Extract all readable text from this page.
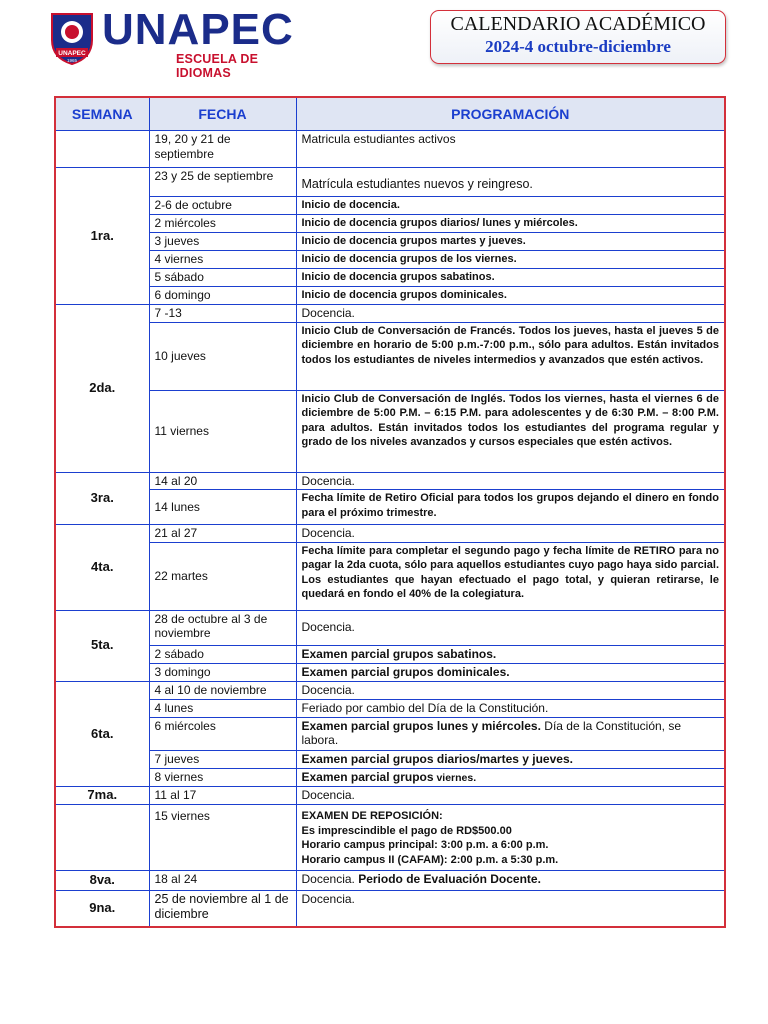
UNAPEC
1965
UNAPEC
ESCUELA DE IDIOMAS
CALENDARIO ACADÉMICO
2024-4 octubre-diciembre
SEMANA	FECHA	PROGRAMACIÓN
	19, 20 y 21 de septiembre	Matricula estudiantes activos
1ra.	23 y 25 de septiembre	Matrícula estudiantes nuevos y reingreso.
	2-6 de octubre	Inicio de docencia.
	2 miércoles	Inicio de docencia grupos diarios/ lunes y miércoles.
	3 jueves	Inicio de docencia grupos martes y jueves.
	4 viernes	Inicio de docencia grupos de los viernes.
	5 sábado	Inicio de docencia grupos sabatinos.
	6 domingo	Inicio de docencia grupos dominicales.
2da.	7 -13	Docencia.
	10 jueves	Inicio Club de Conversación de Francés. Todos los jueves, hasta el jueves 5 de diciembre en horario de 5:00 p.m.-7:00 p.m., sólo para adultos. Están invitados todos los estudiantes de niveles intermedios y avanzados que estén activos.
	11 viernes	Inicio Club de Conversación de Inglés. Todos los viernes, hasta el viernes 6 de diciembre de 5:00 P.M. – 6:15 P.M. para adolescentes y de 6:30 P.M. – 8:00 P.M. para adultos. Están invitados todos los estudiantes del programa regular y grado de los niveles avanzados y cursos especiales que estén activos.
3ra.	14 al 20	Docencia.
	14 lunes	Fecha límite de Retiro Oficial para todos los grupos dejando el dinero en fondo para el próximo trimestre.
4ta.	21 al 27	Docencia.
	22 martes	Fecha límite para completar el segundo pago y fecha límite de RETIRO para no pagar la 2da cuota, sólo para aquellos estudiantes cuyo pago haya sido parcial. Los estudiantes que hayan efectuado el pago total, y quieran retirarse, le quedará en fondo el 40% de la colegiatura.
5ta.	28 de octubre al 3 de noviembre	Docencia.
	2 sábado	Examen parcial grupos sabatinos.
	3 domingo	Examen parcial grupos dominicales.
6ta.	4 al 10 de noviembre	Docencia.
	4 lunes	Feriado por cambio del Día de la Constitución.
	6 miércoles	Examen parcial grupos lunes y miércoles. Día de la Constitución, se labora.
	7 jueves	Examen parcial grupos diarios/martes y jueves.
	8 viernes	Examen parcial grupos viernes.
7ma.	11 al 17	Docencia.
	15 viernes	EXAMEN DE REPOSICIÓN:
Es imprescindible el pago de RD$500.00
Horario campus principal: 3:00 p.m. a 6:00 p.m.
Horario campus II (CAFAM): 2:00 p.m. a 5:30 p.m.

8va.	18 al 24	Docencia. Periodo de Evaluación Docente.
9na.	25 de noviembre al 1 de diciembre	Docencia.
